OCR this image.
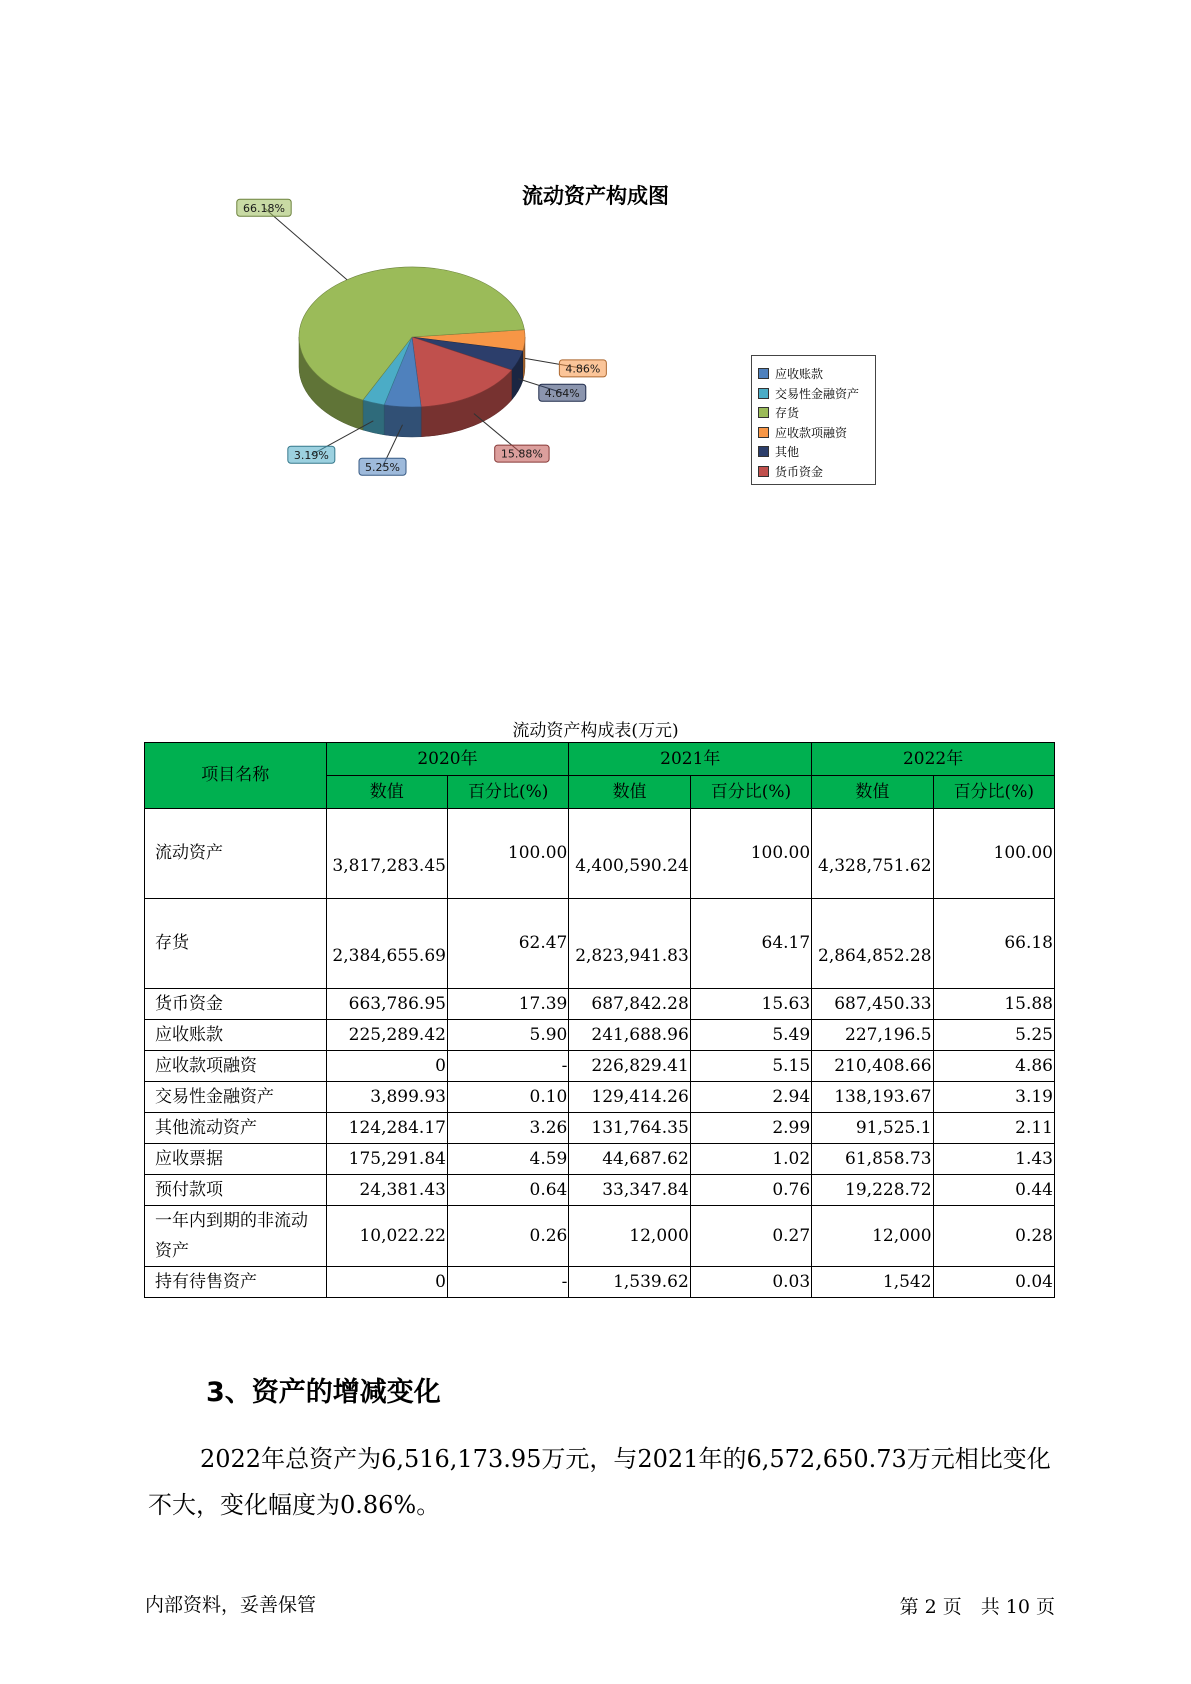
流动资产构成图
4.86%
4.64%
15.88%
5.25%
3.19%
66.18%
应收账款
交易性金融资产
存货
应收款项融资
其他
货币资金
流动资产构成表(万元)
项目名称	2020年		2021年		2022年	
	数值	百分比(%)	数值	百分比(%)	数值	百分比(%)
流动资产	3,817,283.45	100.00	4,400,590.24	100.00	4,328,751.62	100.00
存货	2,384,655.69	62.47	2,823,941.83	64.17	2,864,852.28	66.18
货币资金	663,786.95	17.39	687,842.28	15.63	687,450.33	15.88
应收账款	225,289.42	5.90	241,688.96	5.49	227,196.5	5.25
应收款项融资	0	-	226,829.41	5.15	210,408.66	4.86
交易性金融资产	3,899.93	0.10	129,414.26	2.94	138,193.67	3.19
其他流动资产	124,284.17	3.26	131,764.35	2.99	91,525.1	2.11
应收票据	175,291.84	4.59	44,687.62	1.02	61,858.73	1.43
预付款项	24,381.43	0.64	33,347.84	0.76	19,228.72	0.44
一年内到期的非流动资产	10,022.22	0.26	12,000	0.27	12,000	0.28
持有待售资产	0	-	1,539.62	0.03	1,542	0.04
3、资产的增减变化
2022年总资产为6,516,173.95万元，与2021年的6,572,650.73万元相比变化不大，变化幅度为0.86%。
内部资料，妥善保管	第 2 页　共 10 页
